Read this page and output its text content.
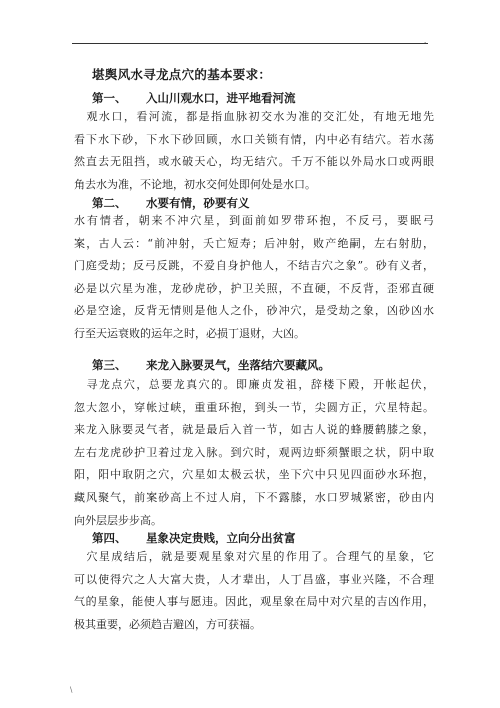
.
堪舆风水寻龙点穴的基本要求：
第一、 入山川观水口，进平地看河流
　观水口，看河流，都是指血脉初交水为准的交汇处，有地无地先
看下水下砂，下水下砂回顾，水口关锁有情，内中必有结穴。若水荡
然直去无阻挡，或水破天心，均无结穴。千万不能以外局水口或两眼
角去水为准，不论地，初水交何处即何处是水口。
第二、 水要有情，砂要有义
水有情者，朝来不冲穴星，到面前如罗带环抱，不反弓，要眠弓
案，古人云：“前冲射，夭亡短寿；后冲射，败产绝嗣，左右射肋，
门庭受劫；反弓反跳，不爱自身护他人，不结吉穴之象”。砂有义者，
必是以穴星为准，龙砂虎砂，护卫关照，不直硬，不反背，歪邪直硬
必是空途，反背无情则是他人之仆，砂冲穴，是受劫之象，凶砂凶水
行至天运衰败的运年之时，必损丁退财，大凶。
第三、 来龙入脉要灵气，坐落结穴要藏风。
　寻龙点穴，总要龙真穴的。即廉贞发祖，辞楼下殿，开帐起伏，
忽大忽小，穿帐过峡，重重环抱，到头一节，尖圆方正，穴星特起。
来龙入脉要灵气者，就是最后入首一节，如古人说的蜂腰鹤膝之象，
左右龙虎砂护卫着过龙入脉。到穴时，观两边虾须蟹眼之状，阴中取
阳，阳中取阴之穴，穴星如太极云状，坐下穴中只见四面砂水环抱，
藏风聚气，前案砂高上不过人肩，下不露膝，水口罗城紧密，砂由内
向外层层步步高。
第四、 星象决定贵贱，立向分出贫富
　穴星成结后，就是要观星象对穴星的作用了。合理气的星象，它
可以使得穴之人大富大贵，人才辈出，人丁昌盛，事业兴隆，不合理
气的星象，能使人事与愿违。因此，观星象在局中对穴星的吉凶作用，
极其重要，必须趋吉避凶，方可获福。
\
